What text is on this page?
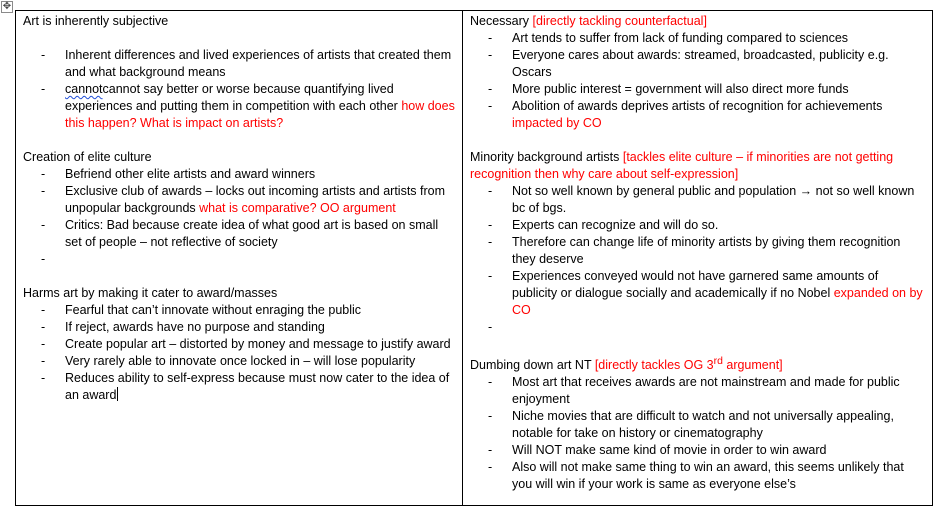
✥

Art is inherently subjective

- Inherent differences and lived experiences of artists that created them and what background means
- cannotcannot say better or worse because quantifying lived experiences and putting them in competition with each other how does this happen? What is impact on artists?

Creation of elite culture

- Befriend other elite artists and award winners
- Exclusive club of awards – locks out incoming artists and artists from unpopular backgrounds what is comparative? OO argument
- Critics: Bad because create idea of what good art is based on small set of people – not reflective of society
-

Harms art by making it cater to award/masses

- Fearful that can’t innovate without enraging the public
- If reject, awards have no purpose and standing
- Create popular art – distorted by money and message to justify award
- Very rarely able to innovate once locked in – will lose popularity
- Reduces ability to self-express because must now cater to the idea of an award

Necessary [directly tackling counterfactual]

- Art tends to suffer from lack of funding compared to sciences
- Everyone cares about awards: streamed, broadcasted, publicity e.g. Oscars
- More public interest = government will also direct more funds
- Abolition of awards deprives artists of recognition for achievements impacted by CO

Minority background artists [tackles elite culture – if minorities are not getting recognition then why care about self-expression]

- Not so well known by general public and population → not so well known bc of bgs.
- Experts can recognize and will do so.
- Therefore can change life of minority artists by giving them recognition they deserve
- Experiences conveyed would not have garnered same amounts of publicity or dialogue socially and academically if no Nobel expanded on by CO
-

Dumbing down art NT [directly tackles OG 3rd argument]

- Most art that receives awards are not mainstream and made for public enjoyment
- Niche movies that are difficult to watch and not universally appealing, notable for take on history or cinematography
- Will NOT make same kind of movie in order to win award
- Also will not make same thing to win an award, this seems unlikely that you will win if your work is same as everyone else’s
